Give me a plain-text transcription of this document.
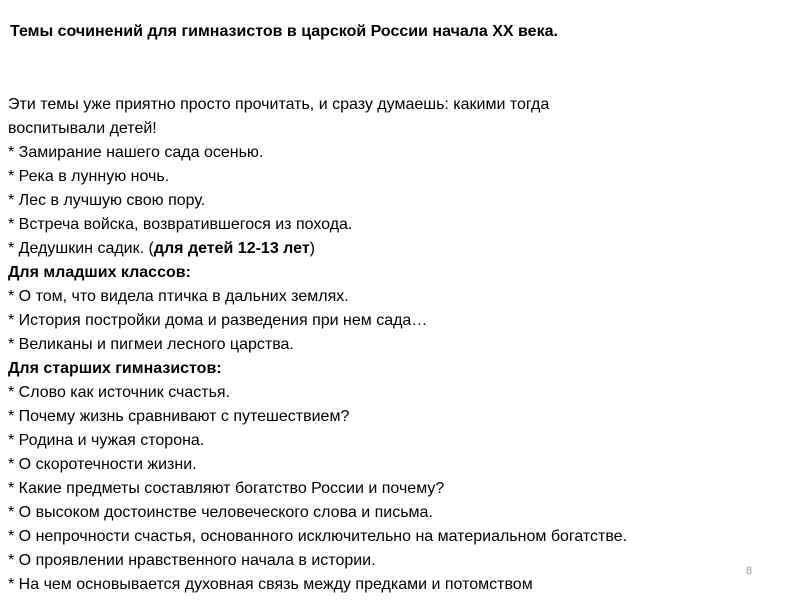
Темы сочинений для гимназистов в царской России начала XX века.
Эти темы уже приятно просто прочитать, и сразу думаешь: какими тогда
воспитывали детей!
* Замирание нашего сада осенью.
* Река в лунную ночь.
* Лес в лучшую свою пору.
* Встреча войска, возвратившегося из похода.
* Дедушкин садик. (для детей 12-13 лет)
Для младших классов:
* О том, что видела птичка в дальних землях.
* История постройки дома и разведения при нем сада…
* Великаны и пигмеи лесного царства.
Для старших гимназистов:
* Слово как источник счастья.
* Почему жизнь сравнивают с путешествием?
* Родина и чужая сторона.
* О скоротечности жизни.
* Какие предметы составляют богатство России и почему?
* О высоком достоинстве человеческого слова и письма.
* О непрочности счастья, основанного исключительно на материальном богатстве.
* О проявлении нравственного начала в истории.
* На чем основывается духовная связь между предками и потомством
8
